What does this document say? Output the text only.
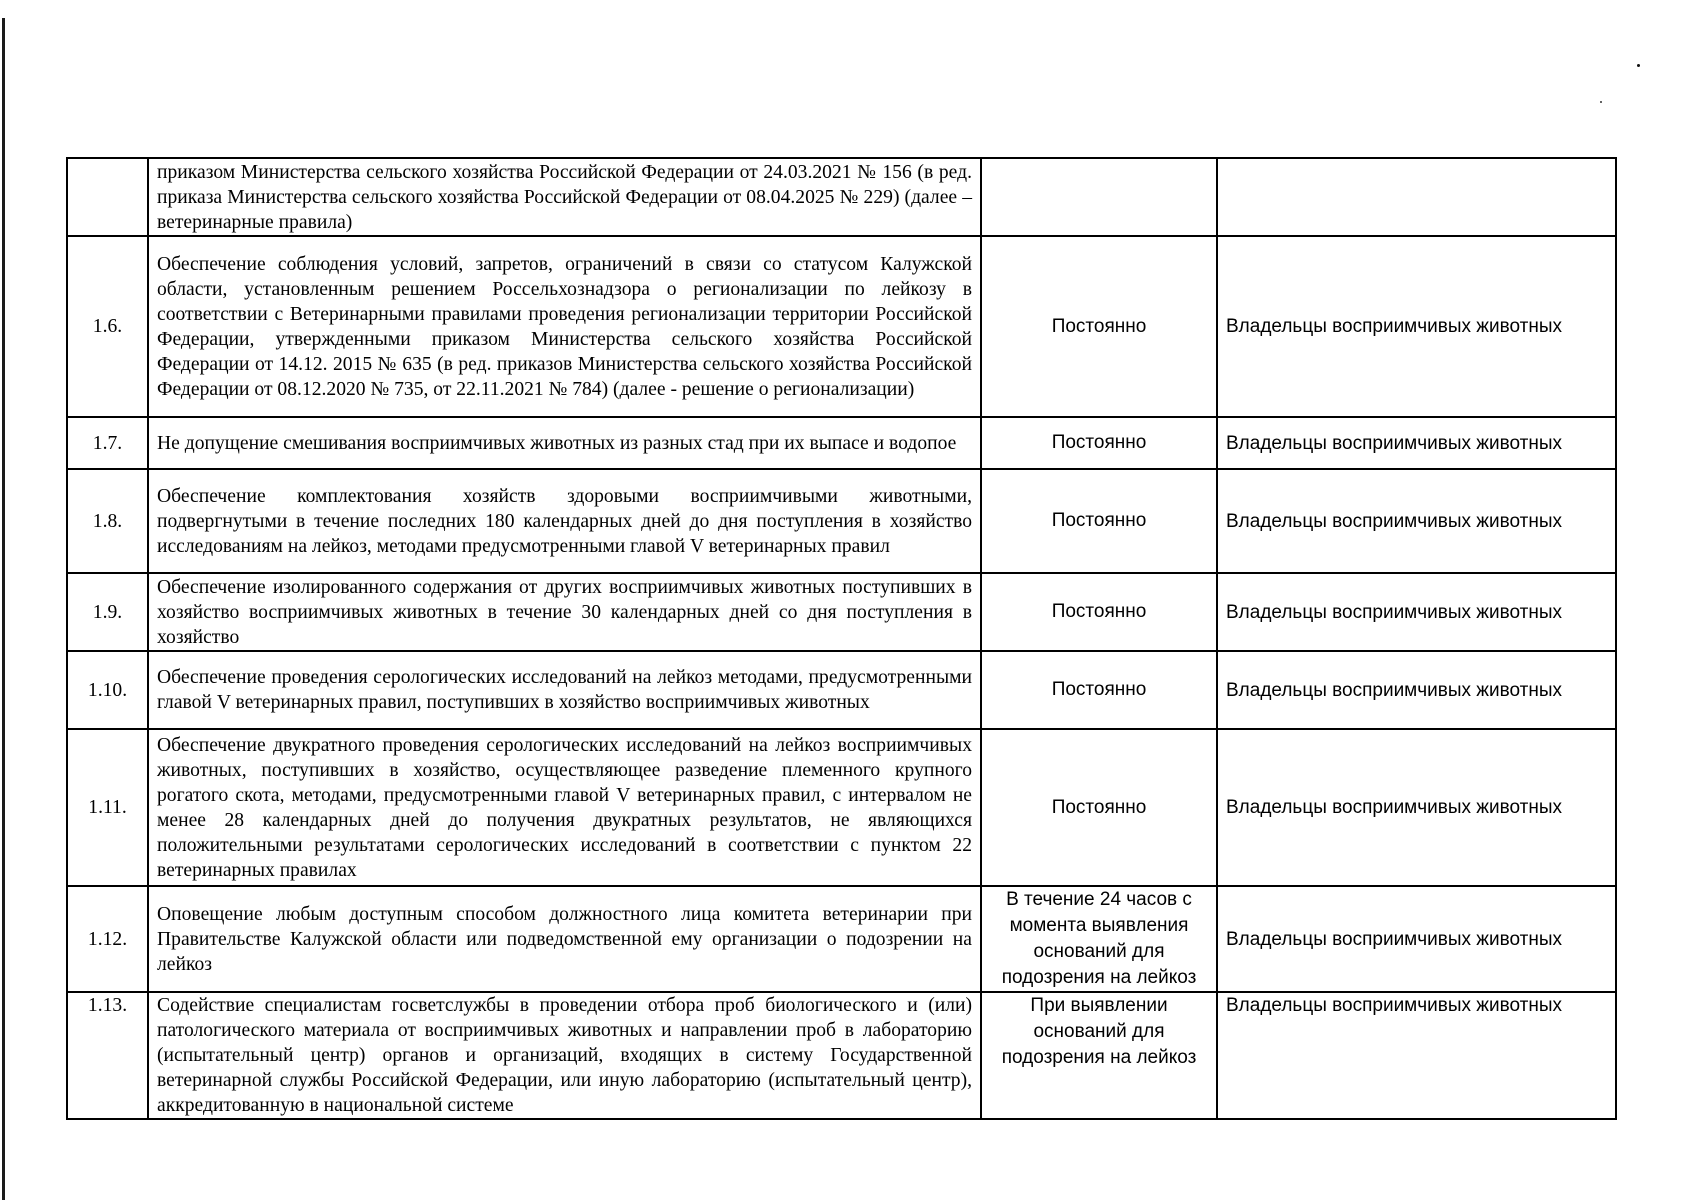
	приказом Министерства сельского хозяйства Российской Федерации от 24.03.2021 № 156 (в ред. приказа Министерства сельского хозяйства Российской Федерации от 08.04.2025 № 229) (далее – ветеринарные правила)		
1.6.	Обеспечение соблюдения условий, запретов, ограничений в связи со статусом Калужской области, установленным решением Россельхознадзора о регионализации по лейкозу в соответствии с Ветеринарными правилами проведения регионализации территории Российской Федерации, утвержденными приказом Министерства сельского хозяйства Российской Федерации от 14.12. 2015 № 635 (в ред. приказов Министерства сельского хозяйства Российской Федерации от 08.12.2020 № 735, от 22.11.2021 № 784) (далее - решение о регионализации)	Постоянно	Владельцы восприимчивых животных
1.7.	Не допущение смешивания восприимчивых животных из разных стад при их выпасе и водопое	Постоянно	Владельцы восприимчивых животных
1.8.	Обеспечение комплектования хозяйств здоровыми восприимчивыми животными, подвергнутыми в течение последних 180 календарных дней до дня поступления в хозяйство исследованиям на лейкоз, методами предусмотренными главой V ветеринарных правил	Постоянно	Владельцы восприимчивых животных
1.9.	Обеспечение изолированного содержания от других восприимчивых животных поступивших в хозяйство восприимчивых животных в течение 30 календарных дней со дня поступления в хозяйство	Постоянно	Владельцы восприимчивых животных
1.10.	Обеспечение проведения серологических исследований на лейкоз методами, предусмотренными главой V ветеринарных правил, поступивших в хозяйство восприимчивых животных	Постоянно	Владельцы восприимчивых животных
1.11.	Обеспечение двукратного проведения серологических исследований на лейкоз восприимчивых животных, поступивших в хозяйство, осуществляющее разведение племенного крупного рогатого скота, методами, предусмотренными главой V ветеринарных правил, с интервалом не менее 28 календарных дней до получения двукратных результатов, не являющихся положительными результатами серологических исследований в соответствии с пунктом 22 ветеринарных правилах	Постоянно	Владельцы восприимчивых животных
1.12.	Оповещение любым доступным способом должностного лица комитета ветеринарии при Правительстве Калужской области или подведомственной ему организации о подозрении на лейкоз	В течение 24 часов с момента выявления оснований для подозрения на лейкоз	Владельцы восприимчивых животных
1.13.	Содействие специалистам госветслужбы в проведении отбора проб биологического и (или) патологического материала от восприимчивых животных и направлении проб в лабораторию (испытательный центр) органов и организаций, входящих в систему Государственной ветеринарной службы Российской Федерации, или иную лабораторию (испытательный центр), аккредитованную в национальной системе	При выявлении оснований для подозрения на лейкоз	Владельцы восприимчивых животных
